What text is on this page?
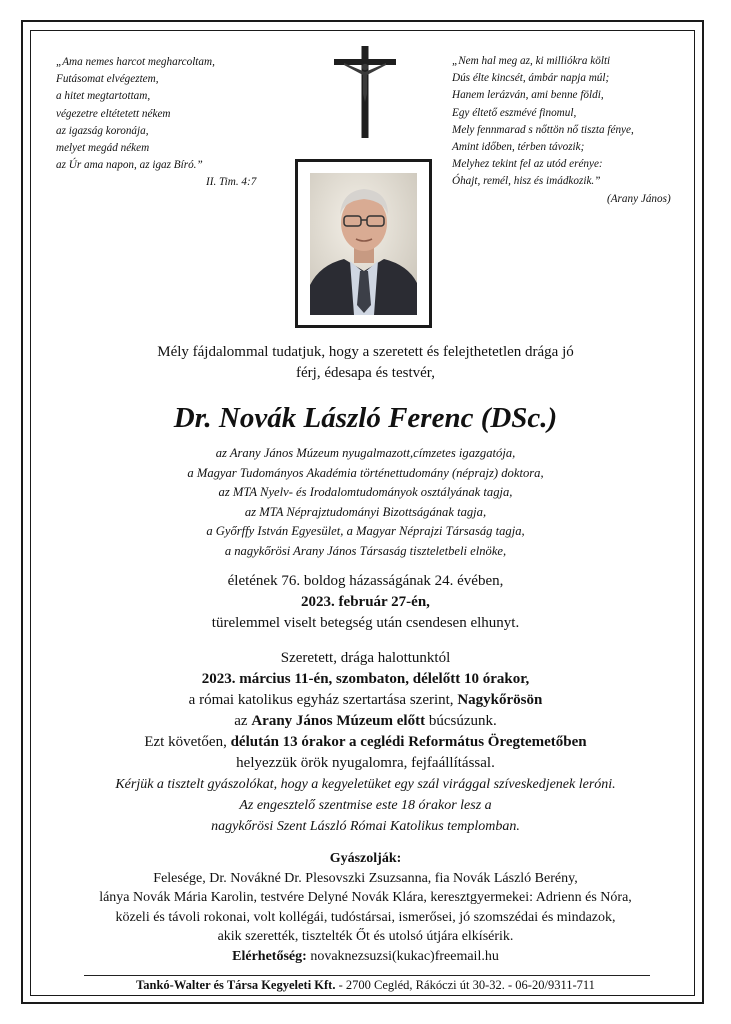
„Ama nemes harcot megharcoltam,
Futásomat elvégeztem,
a hitet megtartottam,
végezetre eltétetett nékem
az igazság koronája,
melyet megád nékem
az Úr ama napon, az igaz Bíró.”
II. Tim. 4:7
„Nem hal meg az, ki milliókra költi
Dús élte kincsét, ámbár napja múl;
Hanem lerázván, ami benne földi,
Egy éltető eszmévé finomul,
Mely fennmarad s nőttön nő tiszta fénye,
Amint időben, térben távozik;
Melyhez tekint fel az utód erénye:
Óhajt, remél, hisz és imádkozik.”
(Arany János)
Mély fájdalommal tudatjuk, hogy a szeretett és felejthetetlen drága jó
férj, édesapa és testvér,
Dr. Novák László Ferenc (DSc.)
az Arany János Múzeum nyugalmazott,címzetes igazgatója,
a Magyar Tudományos Akadémia történettudomány (néprajz) doktora,
az MTA Nyelv- és Irodalomtudományok osztályának tagja,
az MTA Néprajztudományi Bizottságának tagja,
a Győrffy István Egyesület, a Magyar Néprajzi Társaság tagja,
a nagykőrösi Arany János Társaság tiszteletbeli elnöke,
életének 76. boldog házasságának 24. évében,
2023. február 27-én,
türelemmel viselt betegség után csendesen elhunyt.
Szeretett, drága halottunktól
2023. március 11-én, szombaton, délelőtt 10 órakor,
a római katolikus egyház szertartása szerint, Nagykőrösön
az Arany János Múzeum előtt búcsúzunk.
Ezt követően, délután 13 órakor a ceglédi Református Öregtemetőben
helyezzük örök nyugalomra, fejfaállítással.
Kérjük a tisztelt gyászolókat, hogy a kegyeletüket egy szál virággal szíveskedjenek leróni.
Az engesztelő szentmise este 18 órakor lesz a
nagykőrösi Szent László Római Katolikus templomban.
Gyászolják:
Felesége, Dr. Novákné Dr. Plesovszki Zsuzsanna, fia Novák László Berény,
lánya Novák Mária Karolin, testvére Delyné Novák Klára, keresztgyermekei: Adrienn és Nóra,
közeli és távoli rokonai, volt kollégái, tudóstársai, ismerősei, jó szomszédai és mindazok,
akik szerették, tisztelték Őt és utolsó útjára elkísérik.
Elérhetőség: novaknezsuzsi(kukac)freemail.hu
Tankó-Walter és Társa Kegyeleti Kft. - 2700 Cegléd, Rákóczi út 30-32. - 06-20/9311-711
